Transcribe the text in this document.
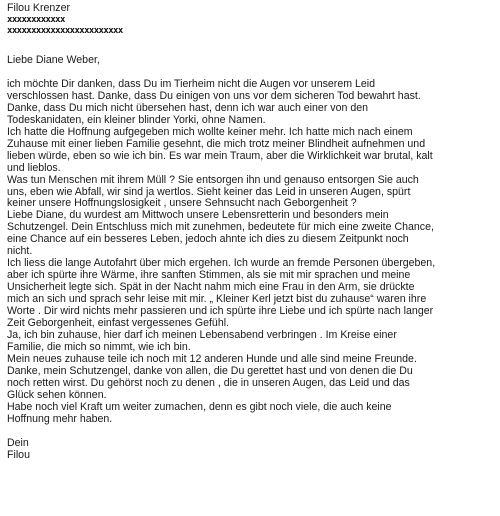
Filou Krenzer
xxxxxxxxxxxx
xxxxxxxxxxxxxxxxxxxxxxxx
Liebe Diane Weber,
ich möchte Dir danken, dass Du im Tierheim nicht die Augen vor unserem Leid
verschlossen hast. Danke, dass Du einigen von uns vor dem sicheren Tod bewahrt hast.
Danke, dass Du mich nicht übersehen hast, denn ich war auch einer von den
Todeskanidaten, ein kleiner blinder Yorki, ohne Namen.
Ich hatte die Hoffnung aufgegeben mich wollte keiner mehr. Ich hatte mich nach einem
Zuhause mit einer lieben Familie gesehnt, die mich trotz meiner Blindheit aufnehmen und
lieben würde, eben so wie ich bin. Es war mein Traum, aber die Wirklichkeit war brutal, kalt
und lieblos.
Was tun Menschen mit ihrem Müll ? Sie entsorgen ihn und genauso entsorgen Sie auch
uns, eben wie Abfall, wir sind ja wertlos. Sieht keiner das Leid in unseren Augen, spürt
keiner unsere Hoffnungslosigkeit , unsere Sehnsucht nach Geborgenheit ?
Liebe Diane, du wurdest am Mittwoch unsere Lebensretterin und besonders mein
Schutzengel. Dein Entschluss mich mit zunehmen, bedeutete für mich eine zweite Chance,
eine Chance auf ein besseres Leben, jedoch ahnte ich dies zu diesem Zeitpunkt noch
nicht.
Ich liess die lange Autofahrt über mich ergehen. Ich wurde an fremde Personen übergeben,
aber ich spürte ihre Wärme, ihre sanften Stimmen, als sie mit mir sprachen und meine
Unsicherheit legte sich. Spät in der Nacht nahm mich eine Frau in den Arm, sie drückte
mich an sich und sprach sehr leise mit mir. „ Kleiner Kerl jetzt bist du zuhause“ waren ihre
Worte . Dir wird nichts mehr passieren und ich spürte ihre Liebe und ich spürte nach langer
Zeit Geborgenheit, einfast vergessenes Gefühl.
Ja, ich bin zuhause, hier darf ich meinen Lebensabend verbringen . Im Kreise einer
Familie, die mich so nimmt, wie ich bin.
Mein neues zuhause teile ich noch mit 12 anderen Hunde und alle sind meine Freunde.
Danke, mein Schutzengel, danke von allen, die Du gerettet hast und von denen die Du
noch retten wirst. Du gehörst noch zu denen , die in unseren Augen, das Leid und das
Glück sehen können.
Habe noch viel Kraft um weiter zumachen, denn es gibt noch viele, die auch keine
Hoffnung mehr haben.
Dein
Filou
